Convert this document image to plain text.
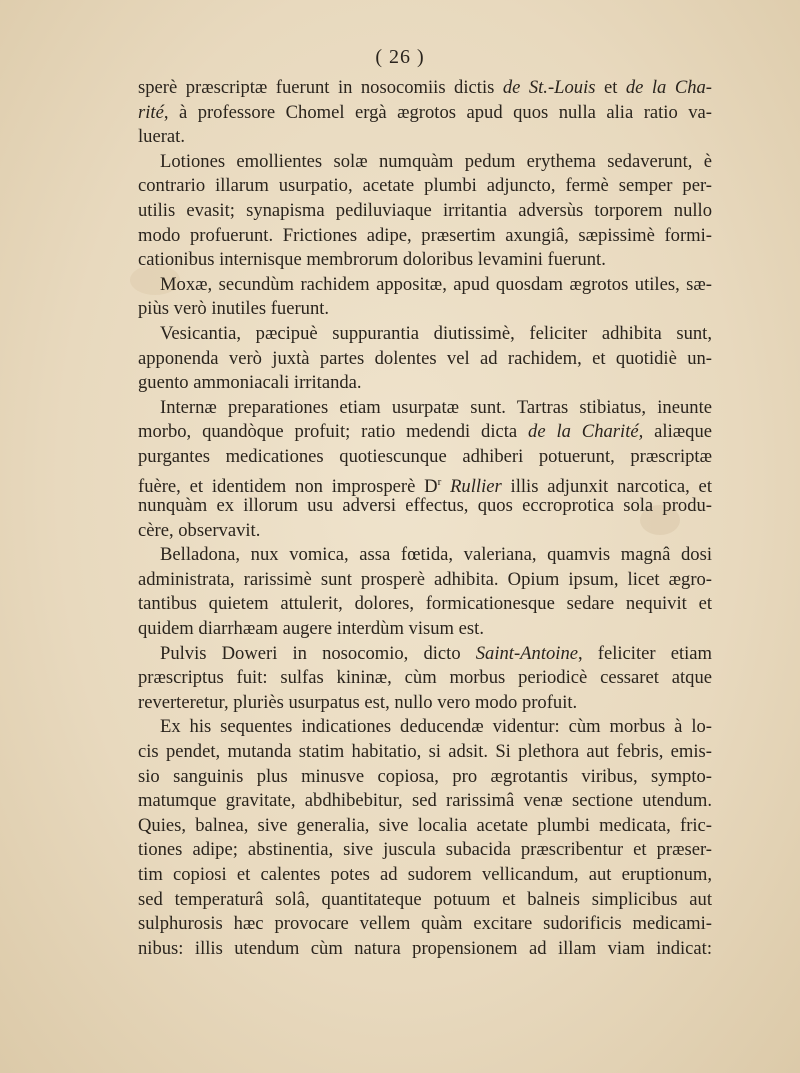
( 26 )

sperè præscriptæ fuerunt in nosocomiis dictis de St.-Louis et de la Cha-
rité, à professore Chomel ergà ægrotos apud quos nulla alia ratio va-
luerat.

Lotiones emollientes solæ numquàm pedum erythema sedaverunt, è
contrario illarum usurpatio, acetate plumbi adjuncto, fermè semper per-
utilis evasit; synapisma pediluviaque irritantia adversùs torporem nullo
modo profuerunt. Frictiones adipe, præsertim axungiâ, sæpissimè formi-
cationibus internisque membrorum doloribus levamini fuerunt.

Moxæ, secundùm rachidem appositæ, apud quosdam ægrotos utiles, sæ-
piùs verò inutiles fuerunt.

Vesicantia, pæcipuè suppurantia diutissimè, feliciter adhibita sunt,
apponenda verò juxtà partes dolentes vel ad rachidem, et quotidiè un-
guento ammoniacali irritanda.

Internæ preparationes etiam usurpatæ sunt. Tartras stibiatus, ineunte
morbo, quandòque profuit; ratio medendi dicta de la Charité, aliæque
purgantes medicationes quotiescunque adhiberi potuerunt, præscriptæ
fuère, et identidem non improsperè $D^r$ Rullier illis adjunxit narcotica, et
nunquàm ex illorum usu adversi effectus, quos eccroprotica sola produ-
cère, observavit.

Belladona, nux vomica, assa fœtida, valeriana, quamvis magnâ dosi
administrata, rarissimè sunt prosperè adhibita. Opium ipsum, licet ægro-
tantibus quietem attulerit, dolores, formicationesque sedare nequivit et
quidem diarrhæam augere interdùm visum est.

Pulvis Doweri in nosocomio, dicto Saint-Antoine, feliciter etiam
præscriptus fuit: sulfas kininæ, cùm morbus periodicè cessaret atque
reverteretur, pluriès usurpatus est, nullo vero modo profuit.

Ex his sequentes indicationes deducendæ videntur: cùm morbus à lo-
cis pendet, mutanda statim habitatio, si adsit. Si plethora aut febris, emis-
sio sanguinis plus minusve copiosa, pro ægrotantis viribus, sympto-
matumque gravitate, abdhibebitur, sed rarissimâ venæ sectione utendum.
Quies, balnea, sive generalia, sive localia acetate plumbi medicata, fric-
tiones adipe; abstinentia, sive juscula subacida præscribentur et præser-
tim copiosi et calentes potes ad sudorem vellicandum, aut eruptionum,
sed temperaturâ solâ, quantitateque potuum et balneis simplicibus aut
sulphurosis hæc provocare vellem quàm excitare sudorificis medicami-
nibus: illis utendum cùm natura propensionem ad illam viam indicat:
